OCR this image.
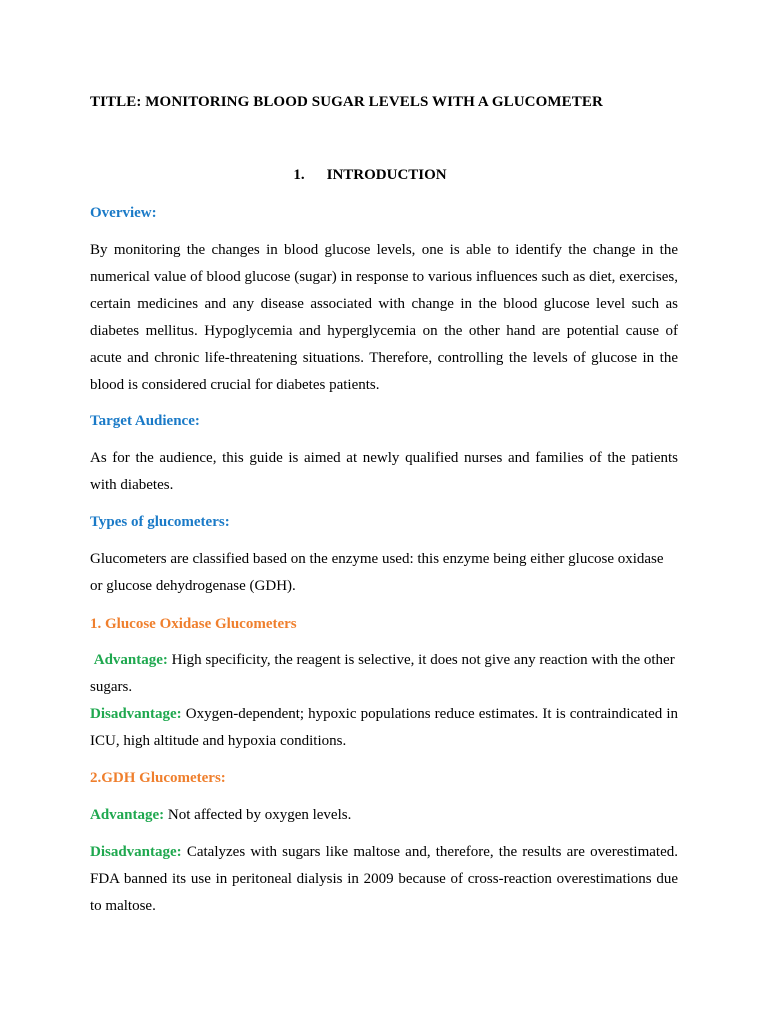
TITLE: MONITORING BLOOD SUGAR LEVELS WITH A GLUCOMETER
1. INTRODUCTION
Overview:
By monitoring the changes in blood glucose levels, one is able to identify the change in the numerical value of blood glucose (sugar) in response to various influences such as diet, exercises, certain medicines and any disease associated with change in the blood glucose level such as diabetes mellitus. Hypoglycemia and hyperglycemia on the other hand are potential cause of acute and chronic life-threatening situations. Therefore, controlling the levels of glucose in the blood is considered crucial for diabetes patients.
Target Audience:
As for the audience, this guide is aimed at newly qualified nurses and families of the patients with diabetes.
Types of glucometers:
Glucometers are classified based on the enzyme used: this enzyme being either glucose oxidase or glucose dehydrogenase (GDH).
1. Glucose Oxidase Glucometers
Advantage: High specificity, the reagent is selective, it does not give any reaction with the other sugars.
Disadvantage: Oxygen-dependent; hypoxic populations reduce estimates. It is contraindicated in ICU, high altitude and hypoxia conditions.
2.GDH Glucometers:
Advantage: Not affected by oxygen levels.
Disadvantage: Catalyzes with sugars like maltose and, therefore, the results are overestimated. FDA banned its use in peritoneal dialysis in 2009 because of cross-reaction overestimations due to maltose.
